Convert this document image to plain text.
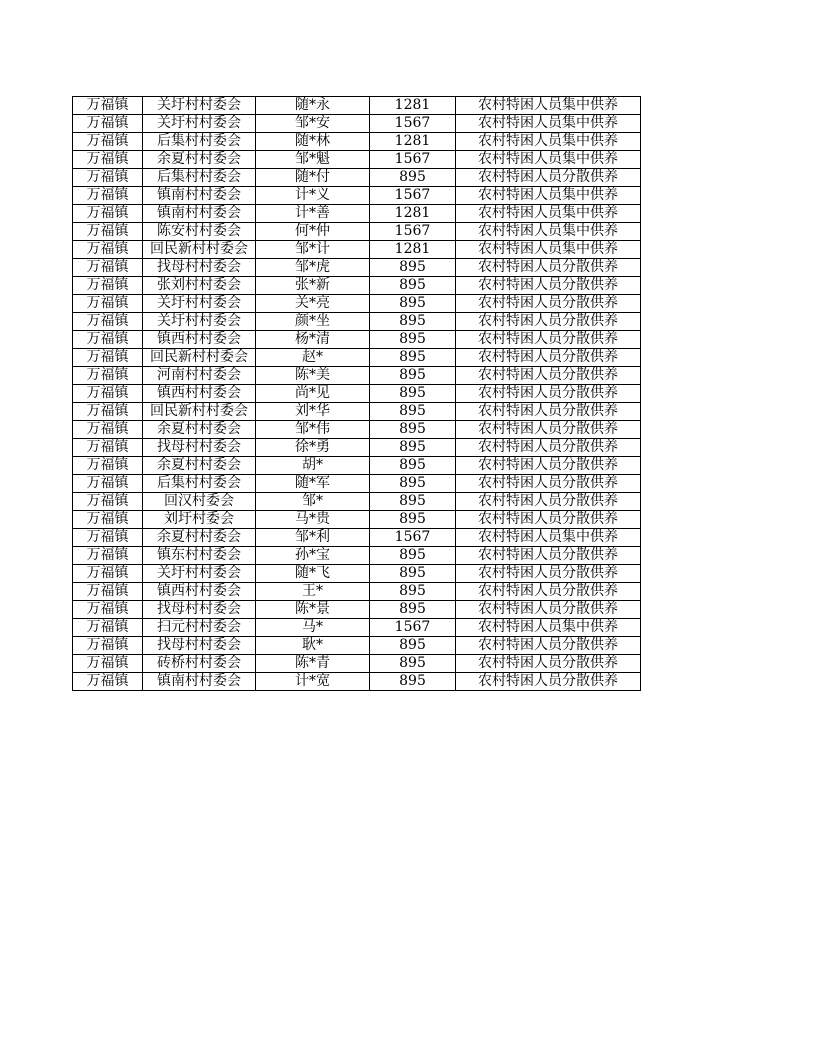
万福镇	关圩村村委会	随*永	1281	农村特困人员集中供养
万福镇	关圩村村委会	邹*安	1567	农村特困人员集中供养
万福镇	后集村村委会	随*林	1281	农村特困人员集中供养
万福镇	余夏村村委会	邹*魁	1567	农村特困人员集中供养
万福镇	后集村村委会	随*付	895	农村特困人员分散供养
万福镇	镇南村村委会	计*义	1567	农村特困人员集中供养
万福镇	镇南村村委会	计*善	1281	农村特困人员集中供养
万福镇	陈安村村委会	何*仲	1567	农村特困人员集中供养
万福镇	回民新村村委会	邹*计	1281	农村特困人员集中供养
万福镇	找母村村委会	邹*虎	895	农村特困人员分散供养
万福镇	张刘村村委会	张*新	895	农村特困人员分散供养
万福镇	关圩村村委会	关*亮	895	农村特困人员分散供养
万福镇	关圩村村委会	颜*坐	895	农村特困人员分散供养
万福镇	镇西村村委会	杨*清	895	农村特困人员分散供养
万福镇	回民新村村委会	赵*	895	农村特困人员分散供养
万福镇	河南村村委会	陈*美	895	农村特困人员分散供养
万福镇	镇西村村委会	尚*见	895	农村特困人员分散供养
万福镇	回民新村村委会	刘*华	895	农村特困人员分散供养
万福镇	余夏村村委会	邹*伟	895	农村特困人员分散供养
万福镇	找母村村委会	徐*勇	895	农村特困人员分散供养
万福镇	余夏村村委会	胡*	895	农村特困人员分散供养
万福镇	后集村村委会	随*军	895	农村特困人员分散供养
万福镇	回汉村委会	邹*	895	农村特困人员分散供养
万福镇	刘圩村委会	马*贵	895	农村特困人员分散供养
万福镇	余夏村村委会	邹*利	1567	农村特困人员集中供养
万福镇	镇东村村委会	孙*宝	895	农村特困人员分散供养
万福镇	关圩村村委会	随*飞	895	农村特困人员分散供养
万福镇	镇西村村委会	王*	895	农村特困人员分散供养
万福镇	找母村村委会	陈*景	895	农村特困人员分散供养
万福镇	扫元村村委会	马*	1567	农村特困人员集中供养
万福镇	找母村村委会	耿*	895	农村特困人员分散供养
万福镇	砖桥村村委会	陈*青	895	农村特困人员分散供养
万福镇	镇南村村委会	计*宽	895	农村特困人员分散供养
